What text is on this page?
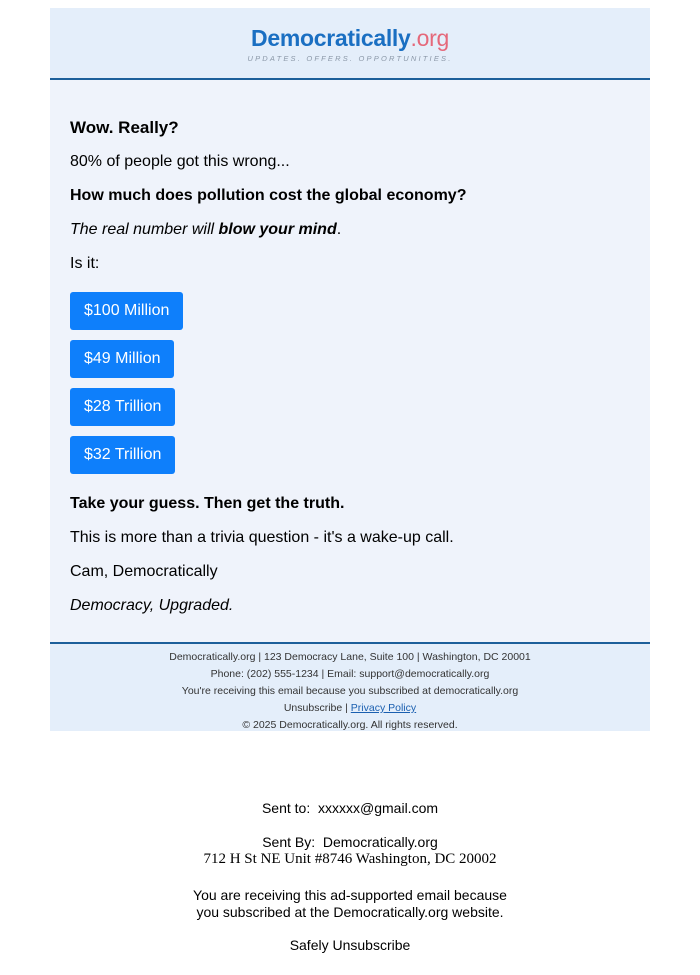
Democratically.org
UPDATES. OFFERS. OPPORTUNITIES.

Wow. Really?

80% of people got this wrong...

How much does pollution cost the global economy?

The real number will blow your mind.

Is it:

$100 Million
$49 Million
$28 Trillion
$32 Trillion

Take your guess. Then get the truth.

This is more than a trivia question - it's a wake-up call.

Cam, Democratically

Democracy, Upgraded.

Democratically.org | 123 Democracy Lane, Suite 100 | Washington, DC 20001
Phone: (202) 555-1234 | Email: support@democratically.org
You're receiving this email because you subscribed at democratically.org
Unsubscribe | Privacy Policy
© 2025 Democratically.org. All rights reserved.
Sent to: xxxxxx@gmail.com
Sent By: Democratically.org
712 H St NE Unit #8746 Washington, DC 20002
You are receiving this ad-supported email because
you subscribed at the Democratically.org website.
Safely Unsubscribe
